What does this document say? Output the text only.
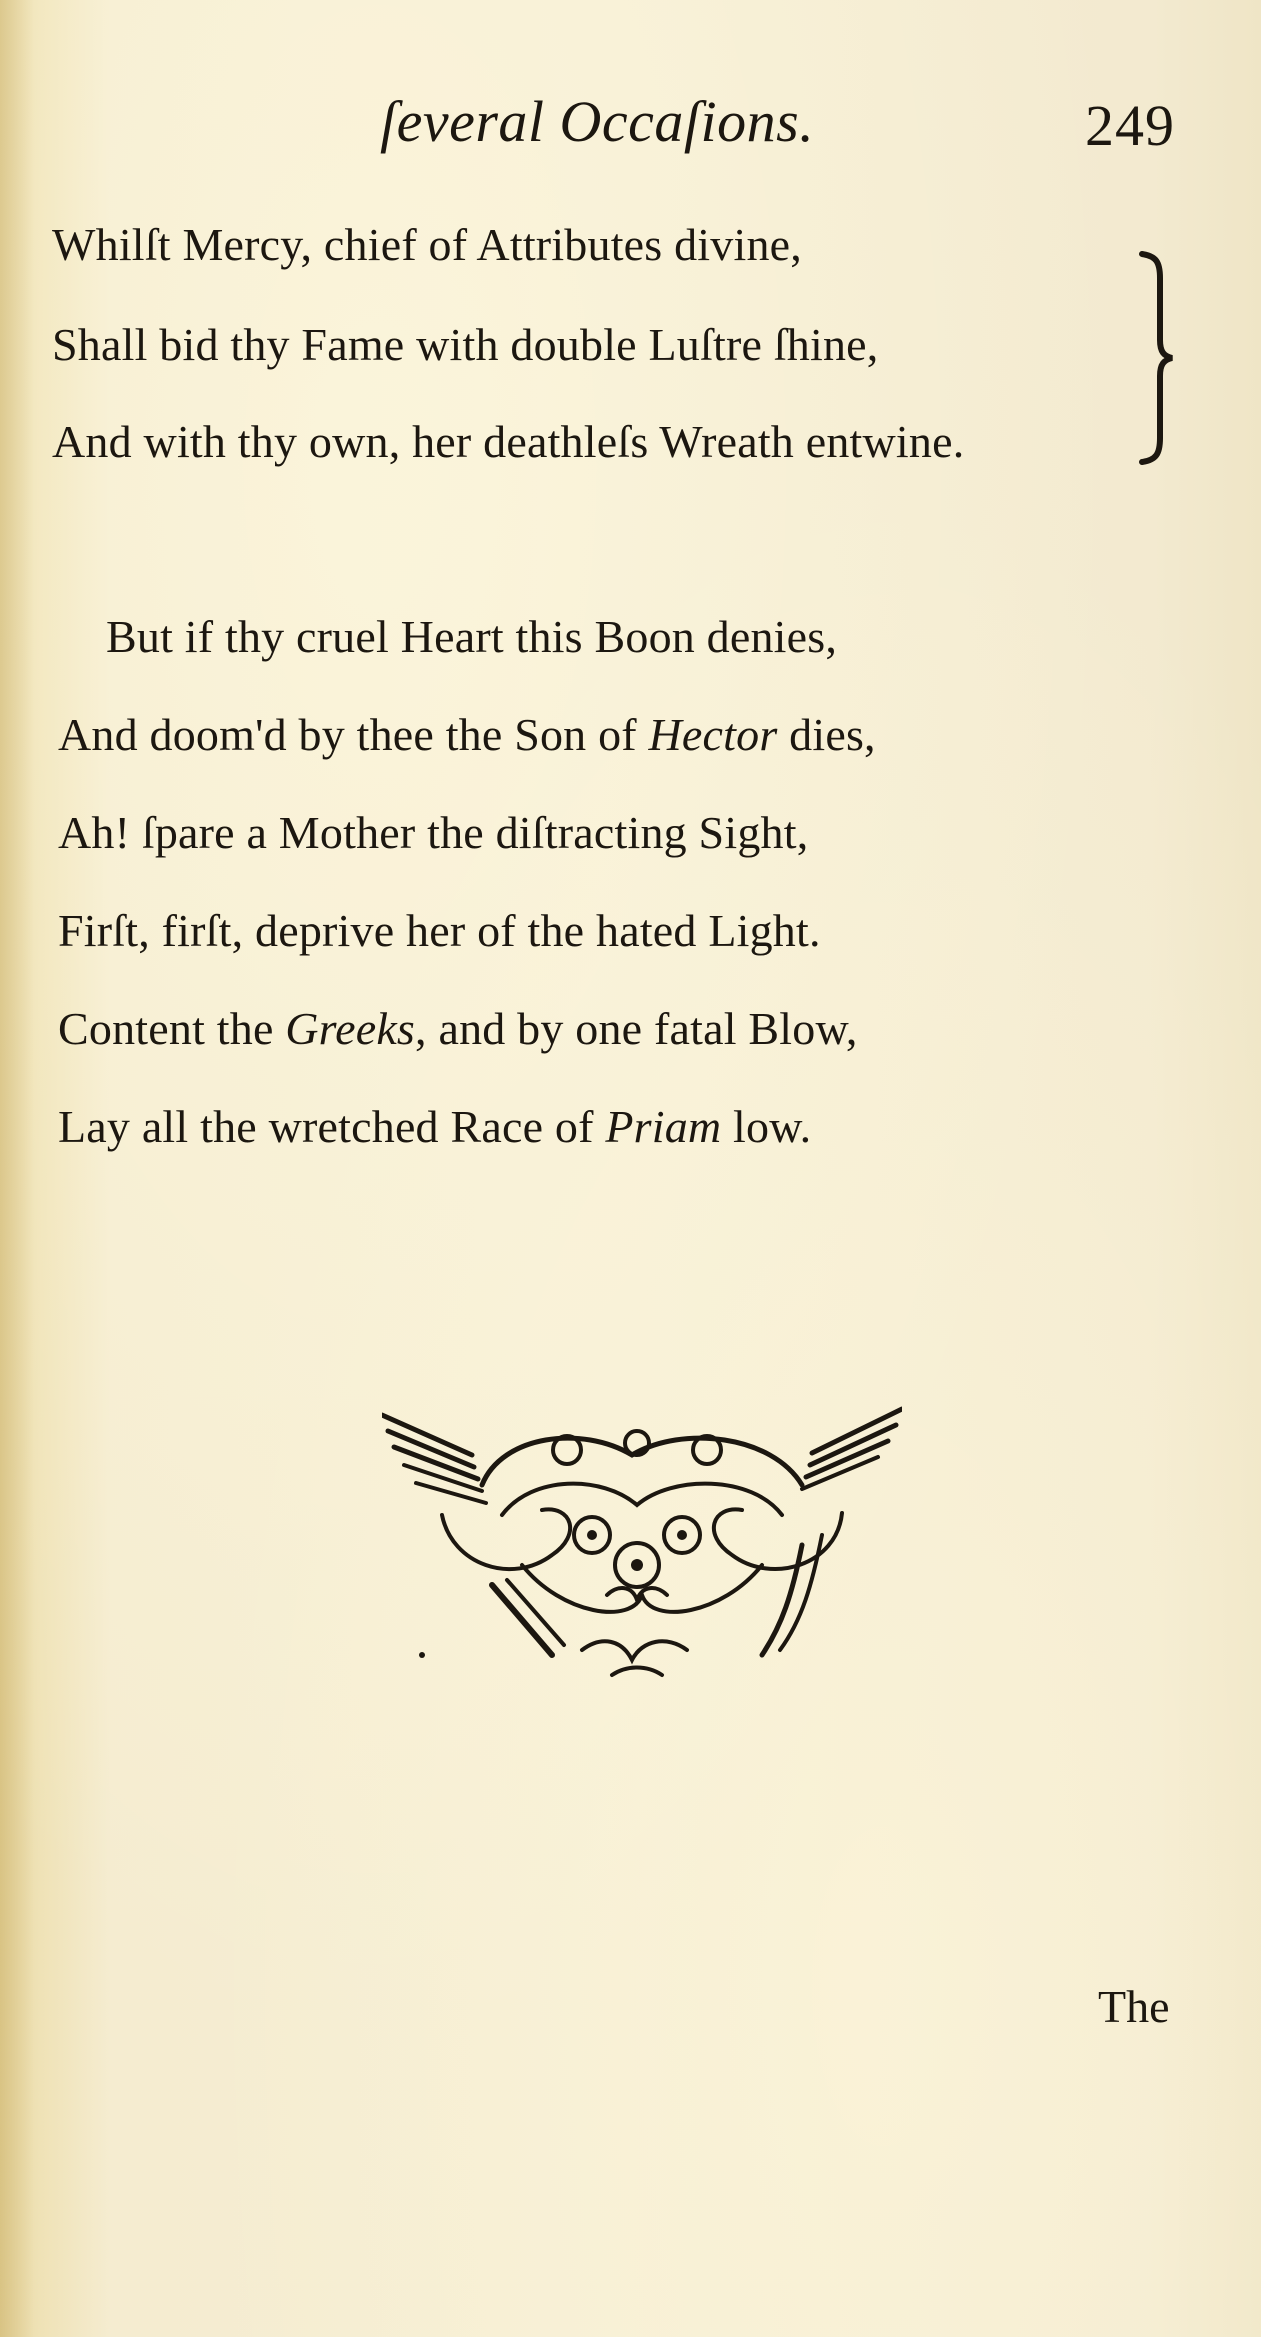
ſeveral Occaſions.	249
Whilſt Mercy, chief of Attributes divine,
Shall bid thy Fame with double Luſtre ſhine,
And with thy own, her deathleſs Wreath entwine.
But if thy cruel Heart this Boon denies,
And doom'd by thee the Son of Hector dies,
Ah! ſpare a Mother the diſtracting Sight,
Firſt, firſt, deprive her of the hated Light.
Content the Greeks, and by one fatal Blow,
Lay all the wretched Race of Priam low.
The
